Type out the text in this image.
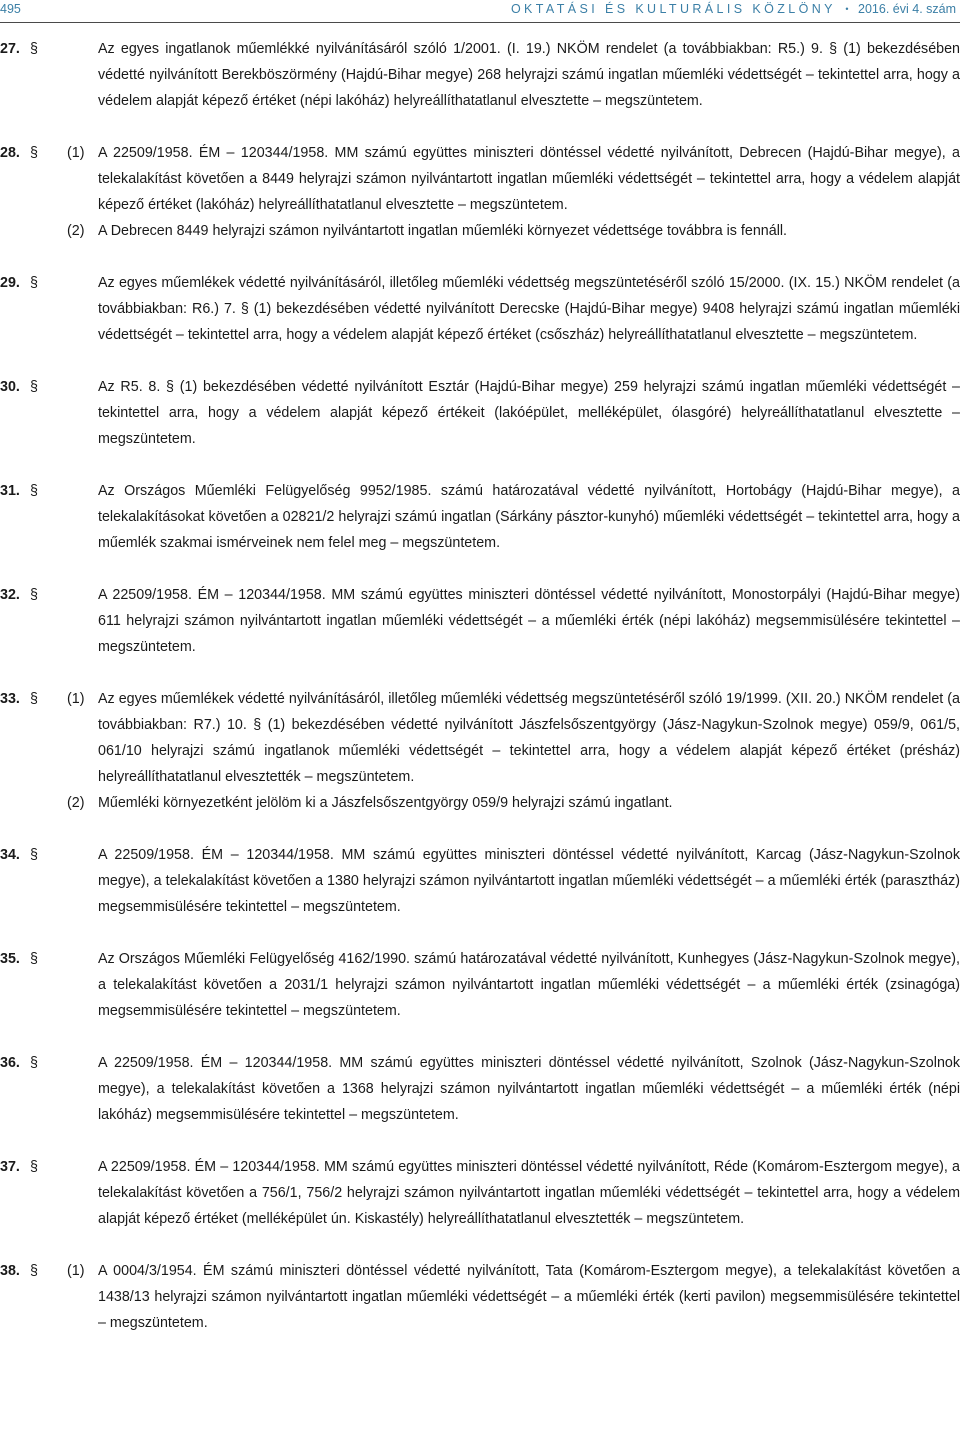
495	OKTATÁSI ÉS KULTURÁLIS KÖZLÖNY • 2016. évi 4. szám
27. §	Az egyes ingatlanok műemlékké nyilvánításáról szóló 1/2001. (I. 19.) NKÖM rendelet (a továbbiakban: R5.) 9. § (1) bekezdésében védetté nyilvánított Berekböszörmény (Hajdú-Bihar megye) 268 helyrajzi számú ingatlan műemléki védettségét – tekintettel arra, hogy a védelem alapját képező értéket (népi lakóház) helyreállíthatatlanul elvesztette – megszüntetem.
28. § (1) A 22509/1958. ÉM – 120344/1958. MM számú együttes miniszteri döntéssel védetté nyilvánított, Debrecen (Hajdú-Bihar megye), a telekalakítást követően a 8449 helyrajzi számon nyilvántartott ingatlan műemléki védettségét – tekintettel arra, hogy a védelem alapját képező értéket (lakóház) helyreállíthatatlanul elvesztette – megszüntetem.
(2) A Debrecen 8449 helyrajzi számon nyilvántartott ingatlan műemléki környezet védettsége továbbra is fennáll.
29. §	Az egyes műemlékek védetté nyilvánításáról, illetőleg műemléki védettség megszüntetéséről szóló 15/2000. (IX. 15.) NKÖM rendelet (a továbbiakban: R6.) 7. § (1) bekezdésében védetté nyilvánított Derecske (Hajdú-Bihar megye) 9408 helyrajzi számú ingatlan műemléki védettségét – tekintettel arra, hogy a védelem alapját képező értéket (csőszház) helyreállíthatatlanul elvesztette – megszüntetem.
30. §	Az R5. 8. § (1) bekezdésében védetté nyilvánított Esztár (Hajdú-Bihar megye) 259 helyrajzi számú ingatlan műemléki védettségét – tekintettel arra, hogy a védelem alapját képező értékeit (lakóépület, melléképület, ólasgóré) helyreállíthatatlanul elvesztette – megszüntetem.
31. §	Az Országos Műemléki Felügyelőség 9952/1985. számú határozatával védetté nyilvánított, Hortobágy (Hajdú-Bihar megye), a telekalakításokat követően a 02821/2 helyrajzi számú ingatlan (Sárkány pásztor-kunyhó) műemléki védettségét – tekintettel arra, hogy a műemlék szakmai ismérveinek nem felel meg – megszüntetem.
32. §	A 22509/1958. ÉM – 120344/1958. MM számú együttes miniszteri döntéssel védetté nyilvánított, Monostorpályi (Hajdú-Bihar megye) 611 helyrajzi számon nyilvántartott ingatlan műemléki védettségét – a műemléki érték (népi lakóház) megsemmisülésére tekintettel – megszüntetem.
33. § (1) Az egyes műemlékek védetté nyilvánításáról, illetőleg műemléki védettség megszüntetéséről szóló 19/1999. (XII. 20.) NKÖM rendelet (a továbbiakban: R7.) 10. § (1) bekezdésében védetté nyilvánított Jászfelsőszentgyörgy (Jász-Nagykun-Szolnok megye) 059/9, 061/5, 061/10 helyrajzi számú ingatlanok műemléki védettségét – tekintettel arra, hogy a védelem alapját képező értéket (présház) helyreállíthatatlanul elvesztették – megszüntetem.
(2) Műemléki környezetként jelölöm ki a Jászfelsőszentgyörgy 059/9 helyrajzi számú ingatlant.
34. §	A 22509/1958. ÉM – 120344/1958. MM számú együttes miniszteri döntéssel védetté nyilvánított, Karcag (Jász-Nagykun-Szolnok megye), a telekalakítást követően a 1380 helyrajzi számon nyilvántartott ingatlan műemléki védettségét – a műemléki érték (parasztház) megsemmisülésére tekintettel – megszüntetem.
35. §	Az Országos Műemléki Felügyelőség 4162/1990. számú határozatával védetté nyilvánított, Kunhegyes (Jász-Nagykun-Szolnok megye), a telekalakítást követően a 2031/1 helyrajzi számon nyilvántartott ingatlan műemléki védettségét – a műemléki érték (zsinagóga) megsemmisülésére tekintettel – megszüntetem.
36. §	A 22509/1958. ÉM – 120344/1958. MM számú együttes miniszteri döntéssel védetté nyilvánított, Szolnok (Jász-Nagykun-Szolnok megye), a telekalakítást követően a 1368 helyrajzi számon nyilvántartott ingatlan műemléki védettségét – a műemléki érték (népi lakóház) megsemmisülésére tekintettel – megszüntetem.
37. §	A 22509/1958. ÉM – 120344/1958. MM számú együttes miniszteri döntéssel védetté nyilvánított, Réde (Komárom-Esztergom megye), a telekalakítást követően a 756/1, 756/2 helyrajzi számon nyilvántartott ingatlan műemléki védettségét – tekintettel arra, hogy a védelem alapját képező értéket (melléképület ún. Kiskastély) helyreállíthatatlanul elvesztették – megszüntetem.
38. § (1) A 0004/3/1954. ÉM számú miniszteri döntéssel védetté nyilvánított, Tata (Komárom-Esztergom megye), a telekalakítást követően a 1438/13 helyrajzi számon nyilvántartott ingatlan műemléki védettségét – a műemléki érték (kerti pavilon) megsemmisülésére tekintettel – megszüntetem.
